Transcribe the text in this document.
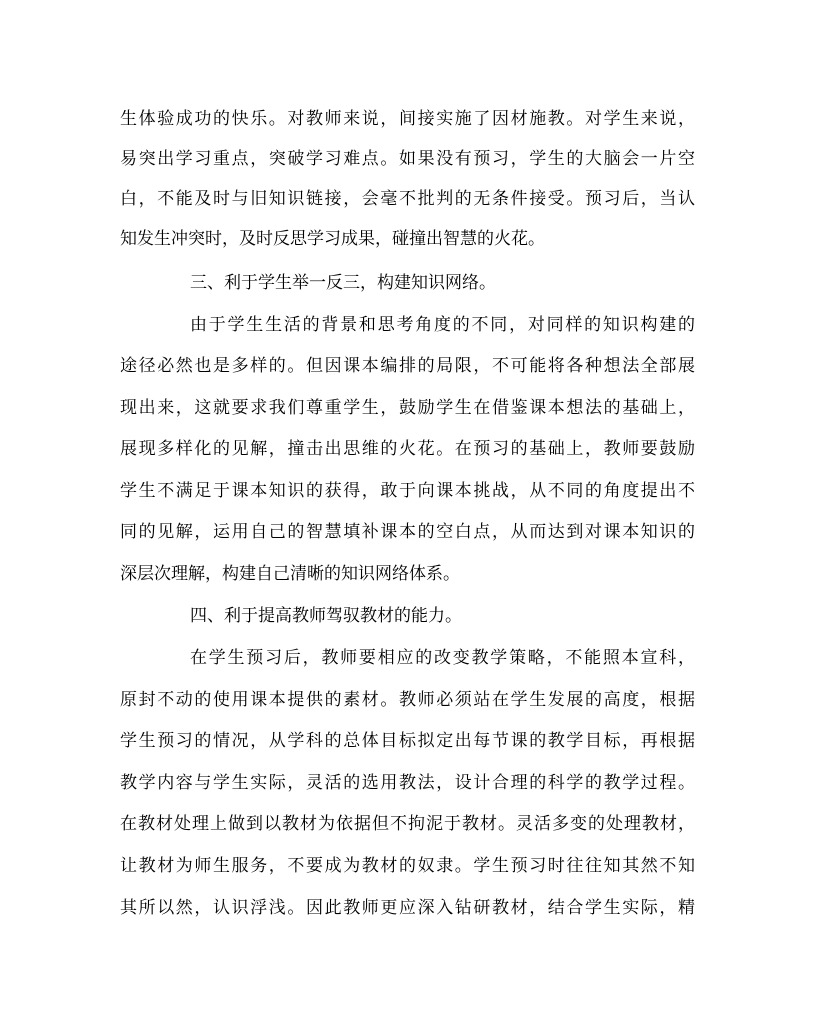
生体验成功的快乐。对教师来说，间接实施了因材施教。对学生来说，
易突出学习重点，突破学习难点。如果没有预习，学生的大脑会一片空
白，不能及时与旧知识链接，会毫不批判的无条件接受。预习后，当认
知发生冲突时，及时反思学习成果，碰撞出智慧的火花。
三、利于学生举一反三，构建知识网络。
由于学生生活的背景和思考角度的不同，对同样的知识构建的
途径必然也是多样的。但因课本编排的局限，不可能将各种想法全部展
现出来，这就要求我们尊重学生，鼓励学生在借鉴课本想法的基础上，
展现多样化的见解，撞击出思维的火花。在预习的基础上，教师要鼓励
学生不满足于课本知识的获得，敢于向课本挑战，从不同的角度提出不
同的见解，运用自己的智慧填补课本的空白点，从而达到对课本知识的
深层次理解，构建自己清晰的知识网络体系。
四、利于提高教师驾驭教材的能力。
在学生预习后，教师要相应的改变教学策略，不能照本宣科，
原封不动的使用课本提供的素材。教师必须站在学生发展的高度，根据
学生预习的情况，从学科的总体目标拟定出每节课的教学目标，再根据
教学内容与学生实际，灵活的选用教法，设计合理的科学的教学过程。
在教材处理上做到以教材为依据但不拘泥于教材。灵活多变的处理教材，
让教材为师生服务，不要成为教材的奴隶。学生预习时往往知其然不知
其所以然，认识浮浅。因此教师更应深入钻研教材，结合学生实际，精
